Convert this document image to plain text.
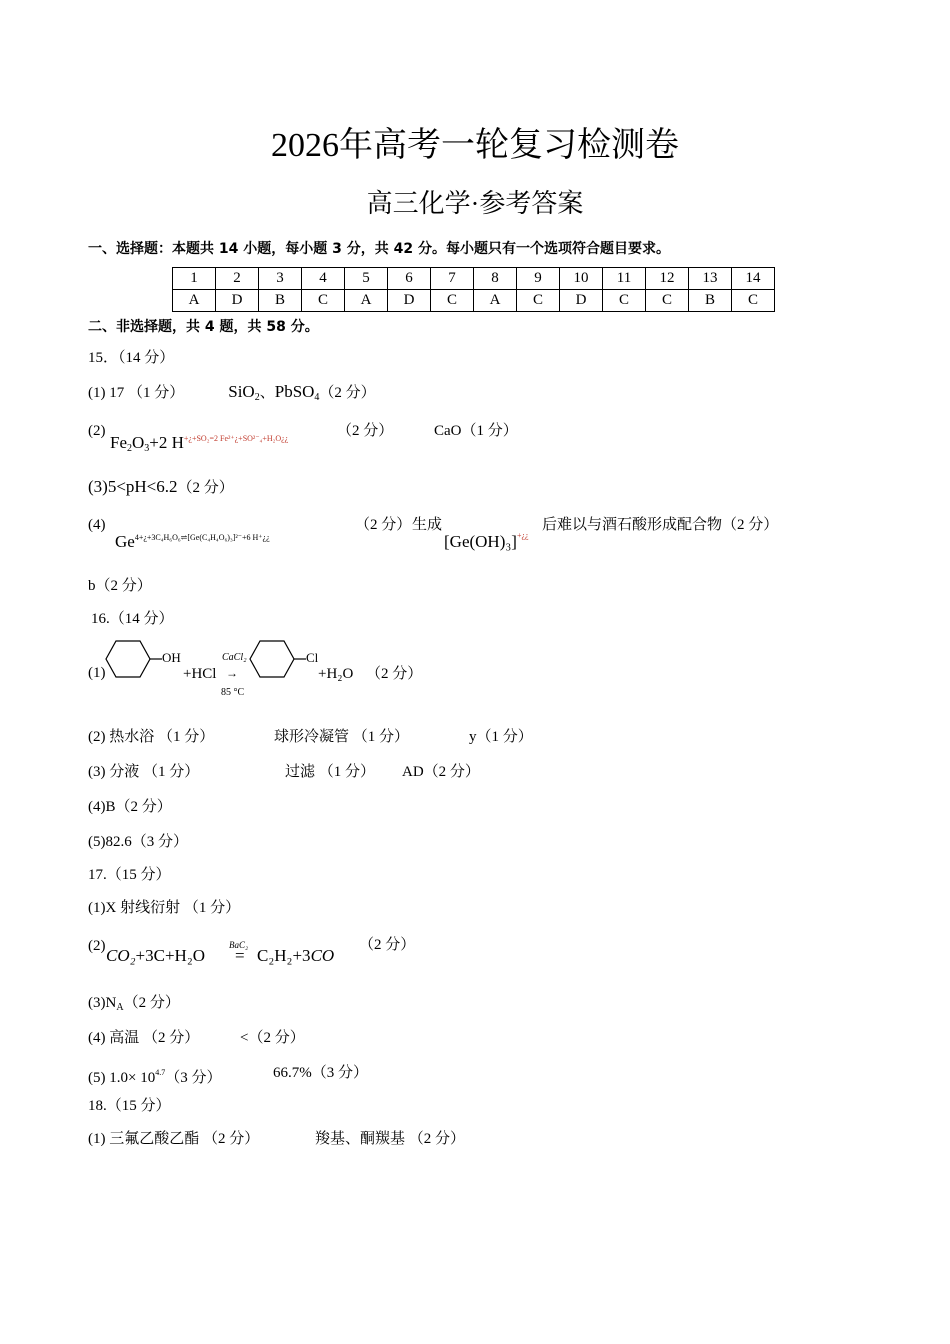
2026年高考一轮复习检测卷
高三化学·参考答案
一、选择题：本题共 14 小题，每小题 3 分，共 42 分。每小题只有一个选项符合题目要求。
1	2	3	4	5	6	7	8	9	10	11	12	13	14
A	D	B	C	A	D	C	A	C	D	C	C	B	C
二、非选择题，共 4 题，共 58 分。
15．（14 分）
(1) 17 （1 分）	SiO$_2$、PbSO$_4$（2 分）
(2)
$Fe_2O_3+2$ $H^{+¿+SO_2=2 Fe^{2+}¿+SO^{2-}_4+H_2O¿¿}$	（2 分）	CaO（1 分）
(3)5<pH<6.2（2 分）
(4)
$Ge^{4+¿+3C_4H_6O_6\rightleftharpoons[Ge(C_4H_4O_6)_3]^{2-}+6 H^+¿¿}$
（2 分） 生成
[Ge(OH)₃]+¿¿
后难以与酒石酸形成配合物（2 分）
b（2 分）
16.（14 分）
(1)
OH
+HCl
CaCl₂
→
85 °C
Cl
+H₂O （2 分）
(2) 热水浴 （1 分）	球形冷凝管 （1 分）	y（1 分）
(3) 分液 （1 分）	过滤 （1 分） AD（2 分）
(4)B（2 分）
(5)82.6（3 分）
17.（15 分）
(1)X 射线衍射 （1 分）
(2) CO₂+3C+H₂O
BaC₂
= C₂H₂+3CO
（2 分）
$(3)N_A(2$ 分）
(4) 高温 （2 分）	<（2 分）
(5) $1.0\times 10^{4.7}(3$ 分）	66.7%（3 分）
18.（15 分）
(1) 三氟乙酸乙酯 （2 分）	羧基、酮羰基 （2 分）
